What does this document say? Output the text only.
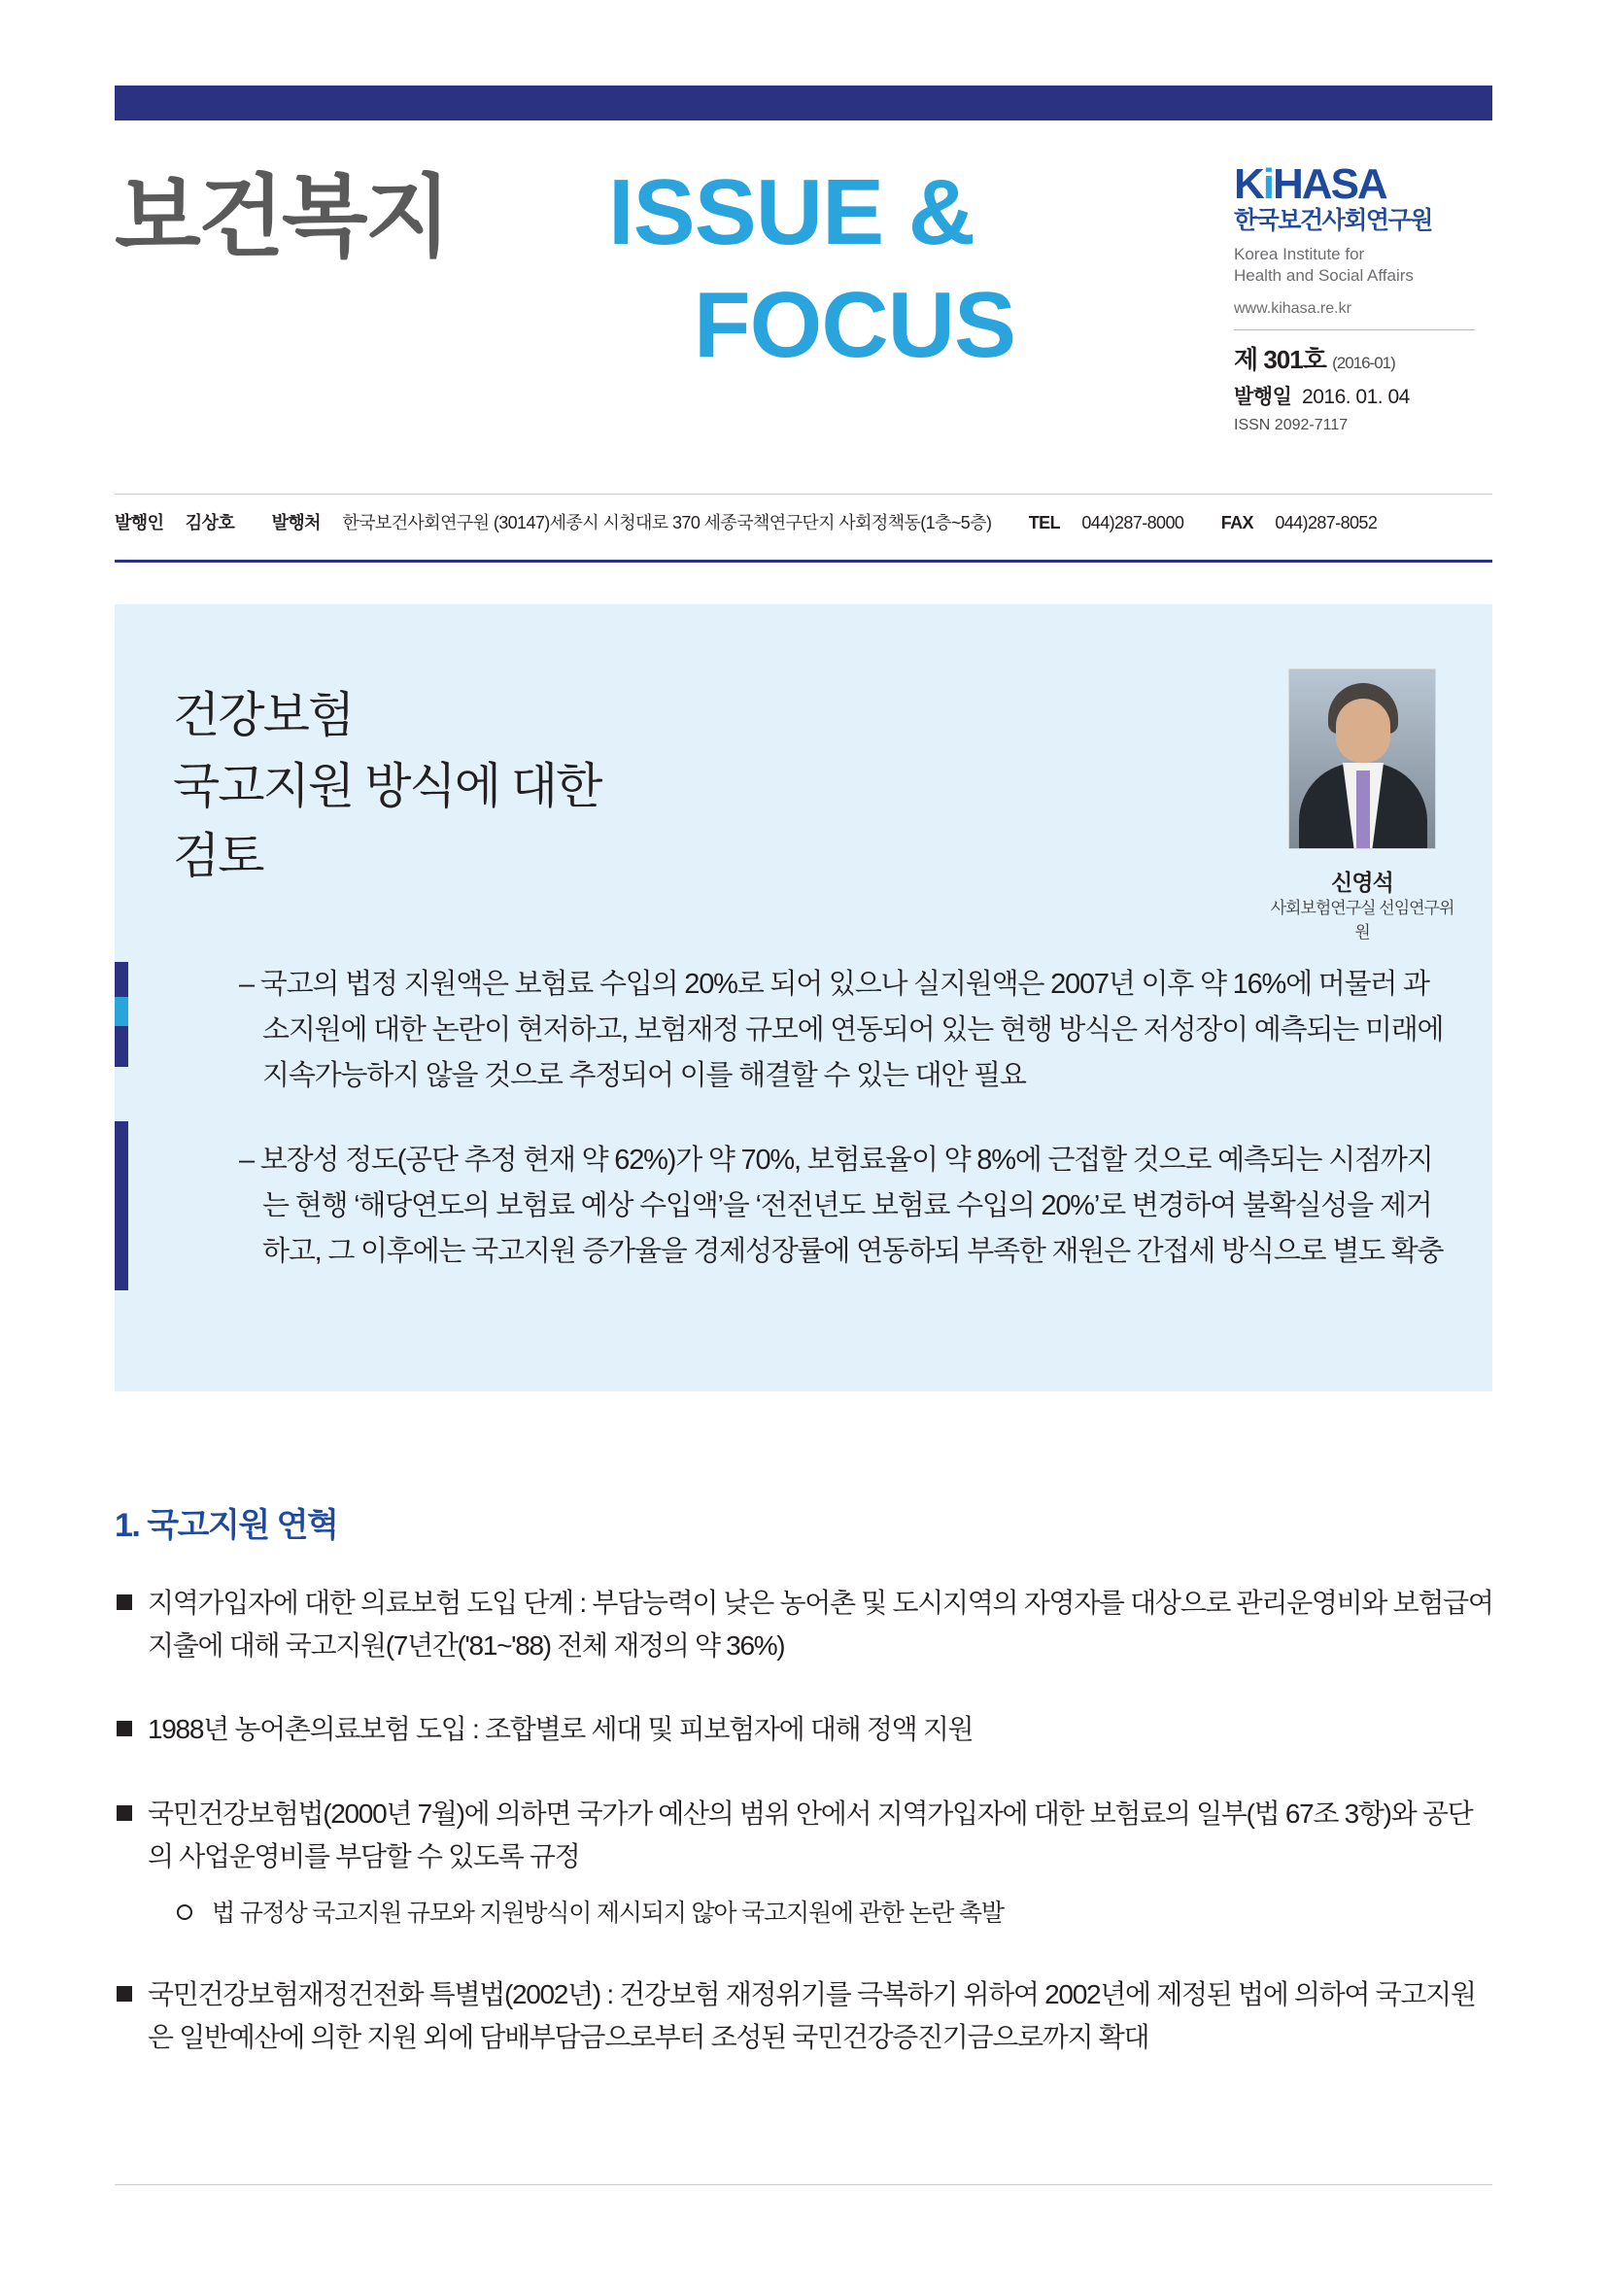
보건복지 ISSUE &
FOCUS
KiHASA
한국보건사회연구원
Korea Institute for
Health and Social Affairs
www.kihasa.re.kr
제 301호 (2016-01)
발행일 2016. 01. 04
ISSN 2092-7117
발행인 김상호 발행처 한국보건사회연구원 (30147)세종시 시청대로 370 세종국책연구단지 사회정책동(1층~5층) TEL 044)287-8000 FAX 044)287-8052
건강보험
국고지원 방식에 대한
검토	신영석
사회보험연구실 선임연구위원
– 국고의 법정 지원액은 보험료 수입의 20%로 되어 있으나 실지원액은 2007년 이후 약 16%에 머물러 과소지원에 대한 논란이 현저하고, 보험재정 규모에 연동되어 있는 현행 방식은 저성장이 예측되는 미래에 지속가능하지 않을 것으로 추정되어 이를 해결할 수 있는 대안 필요
– 보장성 정도(공단 추정 현재 약 62%)가 약 70%, 보험료율이 약 8%에 근접할 것으로 예측되는 시점까지는 현행 ‘해당연도의 보험료 예상 수입액’을 ‘전전년도 보험료 수입의 20%’로 변경하여 불확실성을 제거하고, 그 이후에는 국고지원 증가율을 경제성장률에 연동하되 부족한 재원은 간접세 방식으로 별도 확충
1. 국고지원 연혁
지역가입자에 대한 의료보험 도입 단계 : 부담능력이 낮은 농어촌 및 도시지역의 자영자를 대상으로 관리운영비와 보험급여 지출에 대해 국고지원(7년간('81~'88) 전체 재정의 약 36%)
1988년 농어촌의료보험 도입 : 조합별로 세대 및 피보험자에 대해 정액 지원
국민건강보험법(2000년 7월)에 의하면 국가가 예산의 범위 안에서 지역가입자에 대한 보험료의 일부(법 67조 3항)와 공단의 사업운영비를 부담할 수 있도록 규정
법 규정상 국고지원 규모와 지원방식이 제시되지 않아 국고지원에 관한 논란 촉발
국민건강보험재정건전화 특별법(2002년) : 건강보험 재정위기를 극복하기 위하여 2002년에 제정된 법에 의하여 국고지원은 일반예산에 의한 지원 외에 담배부담금으로부터 조성된 국민건강증진기금으로까지 확대
